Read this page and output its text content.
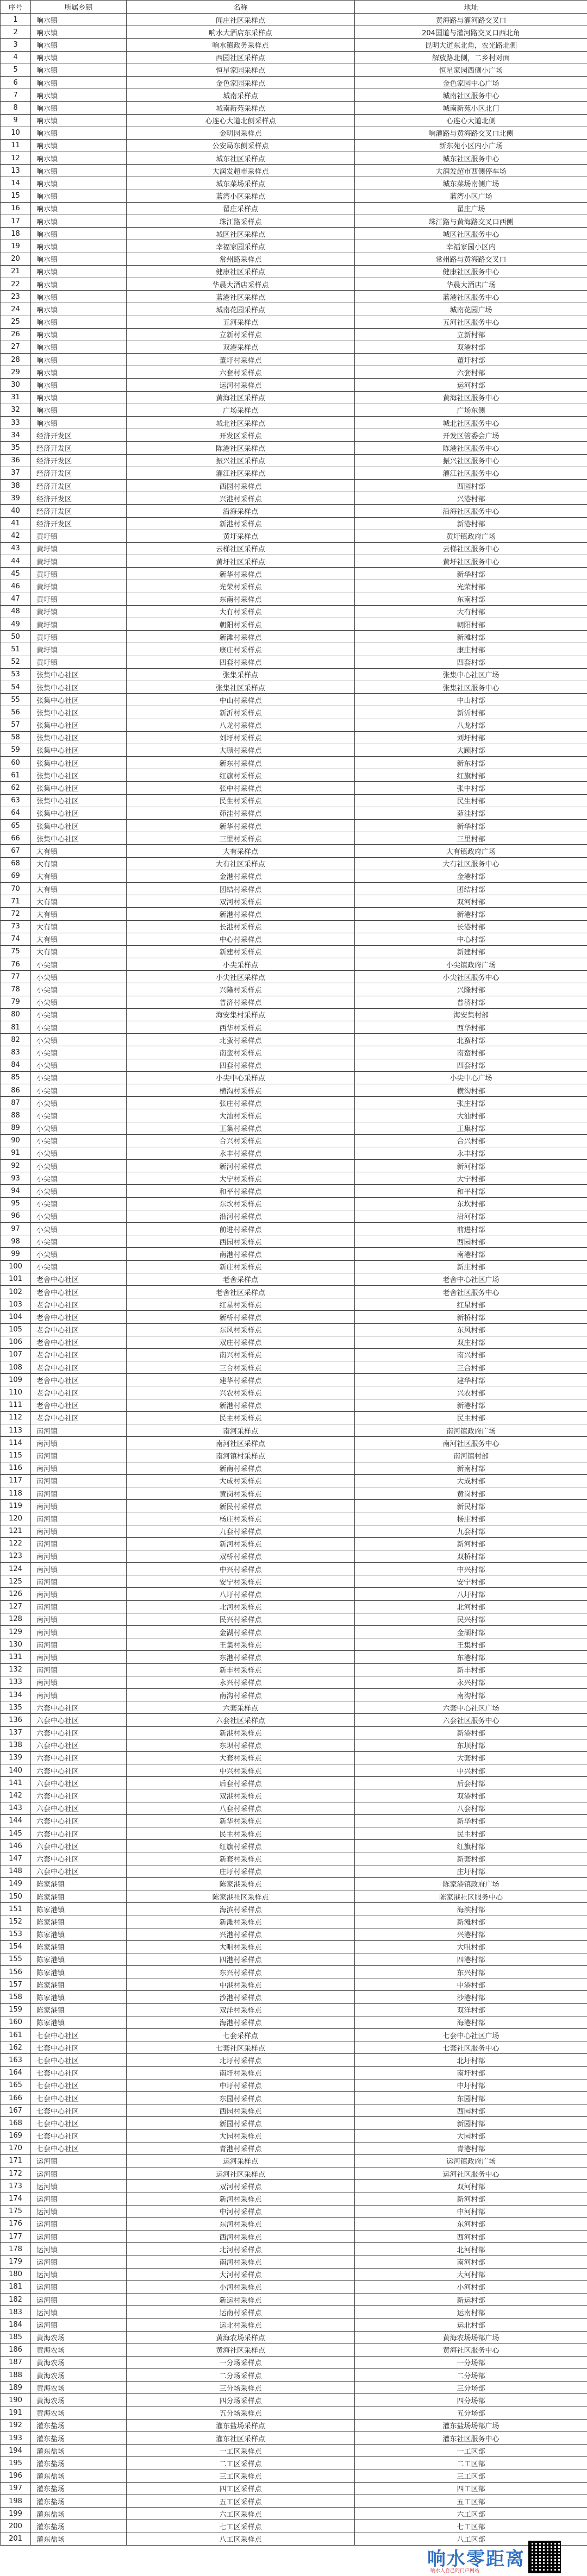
序号	所属乡镇	名称	地址
1	响水镇	闻庄社区采样点	黄海路与灌河路交叉口
2	响水镇	响水大酒店东采样点	204国道与灌河路交叉口西北角
3	响水镇	响水镇政务采样点	昆明大道东北角，农光路北侧
4	响水镇	西园社区采样点	解放路北侧，二乡村对面
5	响水镇	恒星家园采样点	恒星家园西侧小广场
6	响水镇	金色家园采样点	金色家园中心广场
7	响水镇	城南采样点	城南社区服务中心
8	响水镇	城南新苑采样点	城南新苑小区北门
9	响水镇	心连心大道北侧采样点	心连心大道北侧
10	响水镇	金明园采样点	响灌路与黄海路交叉口北侧
11	响水镇	公安局东侧采样点	新东苑小区内小广场
12	响水镇	城东社区采样点	城东社区服务中心
13	响水镇	大润发超市采样点	大润发超市西侧停车场
14	响水镇	城东菜场采样点	城东菜场南侧广场
15	响水镇	蓝湾小区采样点	蓝湾小区广场
16	响水镇	翟庄采样点	翟庄广场
17	响水镇	珠江路采样点	珠江路与黄海路交叉口西侧
18	响水镇	城区社区采样点	城区社区服务中心
19	响水镇	幸福家园采样点	幸福家园小区内
20	响水镇	常州路采样点	常州路与黄海路交叉口
21	响水镇	健康社区采样点	健康社区服务中心
22	响水镇	华晨大酒店采样点	华晨大酒店广场
23	响水镇	蓝港社区采样点	蓝港社区服务中心
24	响水镇	城南花园采样点	城南花园广场
25	响水镇	五河采样点	五河社区服务中心
26	响水镇	立新村采样点	立新村部
27	响水镇	双港采样点	双港村部
28	响水镇	董圩村采样点	董圩村部
29	响水镇	六套村采样点	六套村部
30	响水镇	运河村采样点	运河村部
31	响水镇	黄海社区采样点	黄海社区服务中心
32	响水镇	广场采样点	广场东侧
33	响水镇	城北社区采样点	城北社区服务中心
34	经济开发区	开发区采样点	开发区管委会广场
35	经济开发区	陈港社区采样点	陈港社区服务中心
36	经济开发区	振兴社区采样点	振兴社区服务中心
37	经济开发区	灌江社区采样点	灌江社区服务中心
38	经济开发区	西园村采样点	西园村部
39	经济开发区	兴港村采样点	兴港村部
40	经济开发区	沿海采样点	沿海社区服务中心
41	经济开发区	新港村采样点	新港村部
42	黄圩镇	黄圩采样点	黄圩镇政府广场
43	黄圩镇	云梯社区采样点	云梯社区服务中心
44	黄圩镇	黄圩社区采样点	黄圩社区服务中心
45	黄圩镇	新华村采样点	新华村部
46	黄圩镇	光荣村采样点	光荣村部
47	黄圩镇	东南村采样点	东南村部
48	黄圩镇	大有村采样点	大有村部
49	黄圩镇	朝阳村采样点	朝阳村部
50	黄圩镇	新滩村采样点	新滩村部
51	黄圩镇	康庄村采样点	康庄村部
52	黄圩镇	四套村采样点	四套村部
53	张集中心社区	张集采样点	张集中心社区广场
54	张集中心社区	张集社区采样点	张集社区服务中心
55	张集中心社区	中山村采样点	中山村部
56	张集中心社区	新沂村采样点	新沂村部
57	张集中心社区	八龙村采样点	八龙村部
58	张集中心社区	刘圩村采样点	刘圩村部
59	张集中心社区	大顾村采样点	大顾村部
60	张集中心社区	新东村采样点	新东村部
61	张集中心社区	红旗村采样点	红旗村部
62	张集中心社区	张中村采样点	张中村部
63	张集中心社区	民生村采样点	民生村部
64	张集中心社区	茆洼村采样点	茆洼村部
65	张集中心社区	新华村采样点	新华村部
66	张集中心社区	三里村采样点	三里村部
67	大有镇	大有采样点	大有镇政府广场
68	大有镇	大有社区采样点	大有社区服务中心
69	大有镇	金港村采样点	金港村部
70	大有镇	团结村采样点	团结村部
71	大有镇	双河村采样点	双河村部
72	大有镇	新港村采样点	新港村部
73	大有镇	长港村采样点	长港村部
74	大有镇	中心村采样点	中心村部
75	大有镇	新建村采样点	新建村部
76	小尖镇	小尖采样点	小尖镇政府广场
77	小尖镇	小尖社区采样点	小尖社区服务中心
78	小尖镇	兴隆村采样点	兴隆村部
79	小尖镇	普济村采样点	普济村部
80	小尖镇	海安集村采样点	海安集村部
81	小尖镇	西华村采样点	西华村部
82	小尖镇	北蛮村采样点	北蛮村部
83	小尖镇	南蛮村采样点	南蛮村部
84	小尖镇	四套村采样点	四套村部
85	小尖镇	小尖中心采样点	小尖中心广场
86	小尖镇	横沟村采样点	横沟村部
87	小尖镇	张庄村采样点	张庄村部
88	小尖镇	大汕村采样点	大汕村部
89	小尖镇	王集村采样点	王集村部
90	小尖镇	合兴村采样点	合兴村部
91	小尖镇	永丰村采样点	永丰村部
92	小尖镇	新河村采样点	新河村部
93	小尖镇	大宁村采样点	大宁村部
94	小尖镇	和平村采样点	和平村部
95	小尖镇	东坎村采样点	东坎村部
96	小尖镇	沿河村采样点	沿河村部
97	小尖镇	前进村采样点	前进村部
98	小尖镇	西园村采样点	西园村部
99	小尖镇	南港村采样点	南港村部
100	小尖镇	新庄村采样点	新庄村部
101	老舍中心社区	老舍采样点	老舍中心社区广场
102	老舍中心社区	老舍社区采样点	老舍社区服务中心
103	老舍中心社区	红星村采样点	红星村部
104	老舍中心社区	新桥村采样点	新桥村部
105	老舍中心社区	东风村采样点	东风村部
106	老舍中心社区	双庄村采样点	双庄村部
107	老舍中心社区	南兴村采样点	南兴村部
108	老舍中心社区	三合村采样点	三合村部
109	老舍中心社区	建华村采样点	建华村部
110	老舍中心社区	兴农村采样点	兴农村部
111	老舍中心社区	新港村采样点	新港村部
112	老舍中心社区	民主村采样点	民主村部
113	南河镇	南河采样点	南河镇政府广场
114	南河镇	南河社区采样点	南河社区服务中心
115	南河镇	南河镇村采样点	南河镇村部
116	南河镇	新南村采样点	新南村部
117	南河镇	大成村采样点	大成村部
118	南河镇	黄岗村采样点	黄岗村部
119	南河镇	新民村采样点	新民村部
120	南河镇	杨庄村采样点	杨庄村部
121	南河镇	九套村采样点	九套村部
122	南河镇	新河村采样点	新河村部
123	南河镇	双桥村采样点	双桥村部
124	南河镇	中兴村采样点	中兴村部
125	南河镇	安宁村采样点	安宁村部
126	南河镇	八圩村采样点	八圩村部
127	南河镇	北河村采样点	北河村部
128	南河镇	民兴村采样点	民兴村部
129	南河镇	金湖村采样点	金湖村部
130	南河镇	王集村采样点	王集村部
131	南河镇	东港村采样点	东港村部
132	南河镇	新丰村采样点	新丰村部
133	南河镇	永兴村采样点	永兴村部
134	南河镇	南沟村采样点	南沟村部
135	六套中心社区	六套采样点	六套中心社区广场
136	六套中心社区	六套社区采样点	六套社区服务中心
137	六套中心社区	新港村采样点	新港村部
138	六套中心社区	东坝村采样点	东坝村部
139	六套中心社区	大套村采样点	大套村部
140	六套中心社区	中兴村采样点	中兴村部
141	六套中心社区	后套村采样点	后套村部
142	六套中心社区	双港村采样点	双港村部
143	六套中心社区	八套村采样点	八套村部
144	六套中心社区	新华村采样点	新华村部
145	六套中心社区	民主村采样点	民主村部
146	六套中心社区	红旗村采样点	红旗村部
147	六套中心社区	新套村采样点	新套村部
148	六套中心社区	庄圩村采样点	庄圩村部
149	陈家港镇	陈家港采样点	陈家港镇政府广场
150	陈家港镇	陈家港社区采样点	陈家港社区服务中心
151	陈家港镇	海滨村采样点	海滨村部
152	陈家港镇	新滩村采样点	新滩村部
153	陈家港镇	兴港村采样点	兴港村部
154	陈家港镇	大咀村采样点	大咀村部
155	陈家港镇	四港村采样点	四港村部
156	陈家港镇	东兴村采样点	东兴村部
157	陈家港镇	中港村采样点	中港村部
158	陈家港镇	沙港村采样点	沙港村部
159	陈家港镇	双洋村采样点	双洋村部
160	陈家港镇	海港村采样点	海港村部
161	七套中心社区	七套采样点	七套中心社区广场
162	七套中心社区	七套社区采样点	七套社区服务中心
163	七套中心社区	北圩村采样点	北圩村部
164	七套中心社区	南圩村采样点	南圩村部
165	七套中心社区	中圩村采样点	中圩村部
166	七套中心社区	东园村采样点	东园村部
167	七套中心社区	西园村采样点	西园村部
168	七套中心社区	新园村采样点	新园村部
169	七套中心社区	大园村采样点	大园村部
170	七套中心社区	青港村采样点	青港村部
171	运河镇	运河采样点	运河镇政府广场
172	运河镇	运河社区采样点	运河社区服务中心
173	运河镇	双河村采样点	双河村部
174	运河镇	新河村采样点	新河村部
175	运河镇	中河村采样点	中河村部
176	运河镇	东河村采样点	东河村部
177	运河镇	西河村采样点	西河村部
178	运河镇	北河村采样点	北河村部
179	运河镇	南河村采样点	南河村部
180	运河镇	大河村采样点	大河村部
181	运河镇	小河村采样点	小河村部
182	运河镇	新运村采样点	新运村部
183	运河镇	运南村采样点	运南村部
184	运河镇	运北村采样点	运北村部
185	黄海农场	黄海农场采样点	黄海农场场部广场
186	黄海农场	黄海社区采样点	黄海社区服务中心
187	黄海农场	一分场采样点	一分场部
188	黄海农场	二分场采样点	二分场部
189	黄海农场	三分场采样点	三分场部
190	黄海农场	四分场采样点	四分场部
191	黄海农场	五分场采样点	五分场部
192	灌东盐场	灌东盐场采样点	灌东盐场场部广场
193	灌东盐场	灌东社区采样点	灌东社区服务中心
194	灌东盐场	一工区采样点	一工区部
195	灌东盐场	二工区采样点	二工区部
196	灌东盐场	三工区采样点	三工区部
197	灌东盐场	四工区采样点	四工区部
198	灌东盐场	五工区采样点	五工区部
199	灌东盐场	六工区采样点	六工区部
200	灌东盐场	七工区采样点	七工区部
201	灌东盐场	八工区采样点	八工区部
响水零距离
响水人自己的门户网站
